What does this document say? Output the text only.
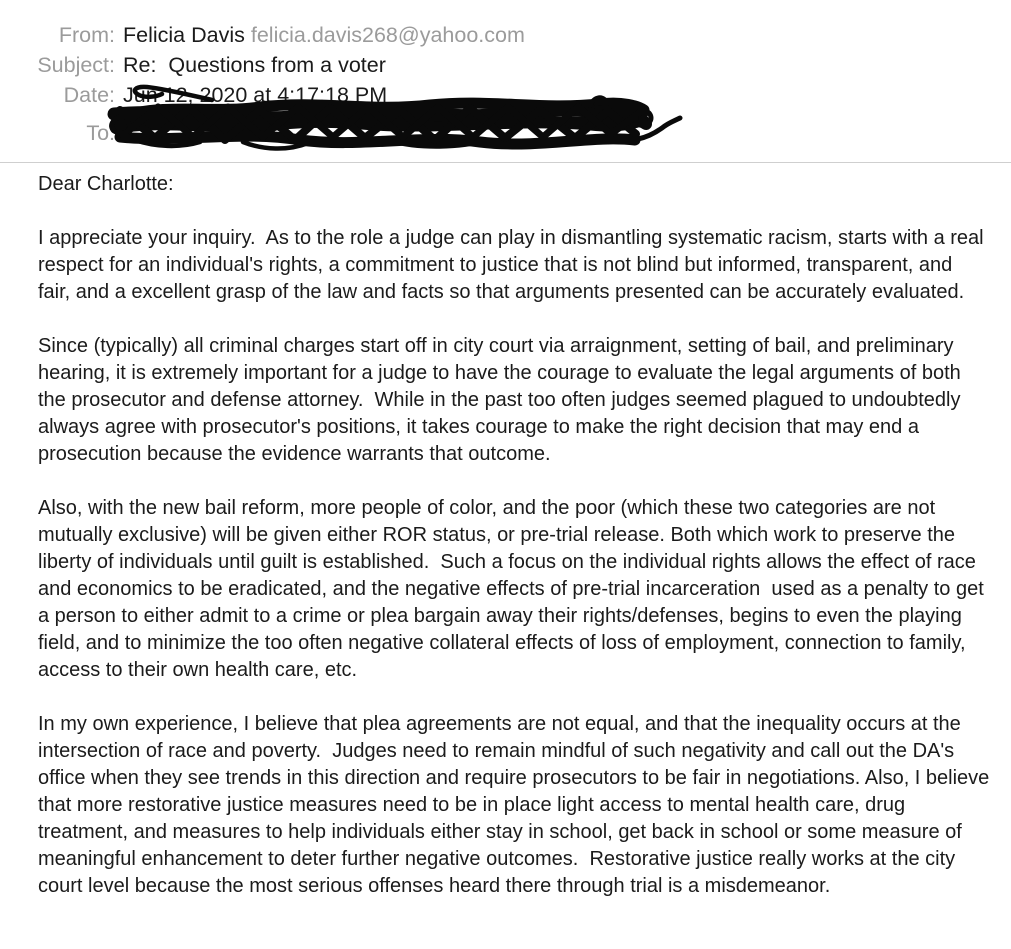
From: Felicia Davis felicia.davis268@yahoo.com
Subject: Re:  Questions from a voter
Date: Jun 12, 2020 at 4:17:18 PM
To:

Dear Charlotte:

I appreciate your inquiry.  As to the role a judge can play in dismantling systematic racism, starts with a real respect for an individual's rights, a commitment to justice that is not blind but informed, transparent, and fair, and a excellent grasp of the law and facts so that arguments presented can be accurately evaluated.

Since (typically) all criminal charges start off in city court via arraignment, setting of bail, and preliminary hearing, it is extremely important for a judge to have the courage to evaluate the legal arguments of both the prosecutor and defense attorney.  While in the past too often judges seemed plagued to undoubtedly always agree with prosecutor's positions, it takes courage to make the right decision that may end a prosecution because the evidence warrants that outcome.

Also, with the new bail reform, more people of color, and the poor (which these two categories are not mutually exclusive) will be given either ROR status, or pre-trial release. Both which work to preserve the  liberty of individuals until guilt is established.  Such a focus on the individual rights allows the effect of race and economics to be eradicated, and the negative effects of pre-trial incarceration  used as a penalty to get a person to either admit to a crime or plea bargain away their rights/defenses, begins to even the playing field, and to minimize the too often negative collateral effects of loss of employment, connection to family, access to their own health care, etc.

In my own experience, I believe that plea agreements are not equal, and that the inequality occurs at the intersection of race and poverty.  Judges need to remain mindful of such negativity and call out the DA's office when they see trends in this direction and require prosecutors to be fair in negotiations. Also, I believe that more restorative justice measures need to be in place light access to mental health care, drug treatment, and measures to help individuals either stay in school, get back in school or some measure of meaningful enhancement to deter further negative outcomes.  Restorative justice really works at the city court level because the most serious offenses heard there through trial is a misdemeanor.
